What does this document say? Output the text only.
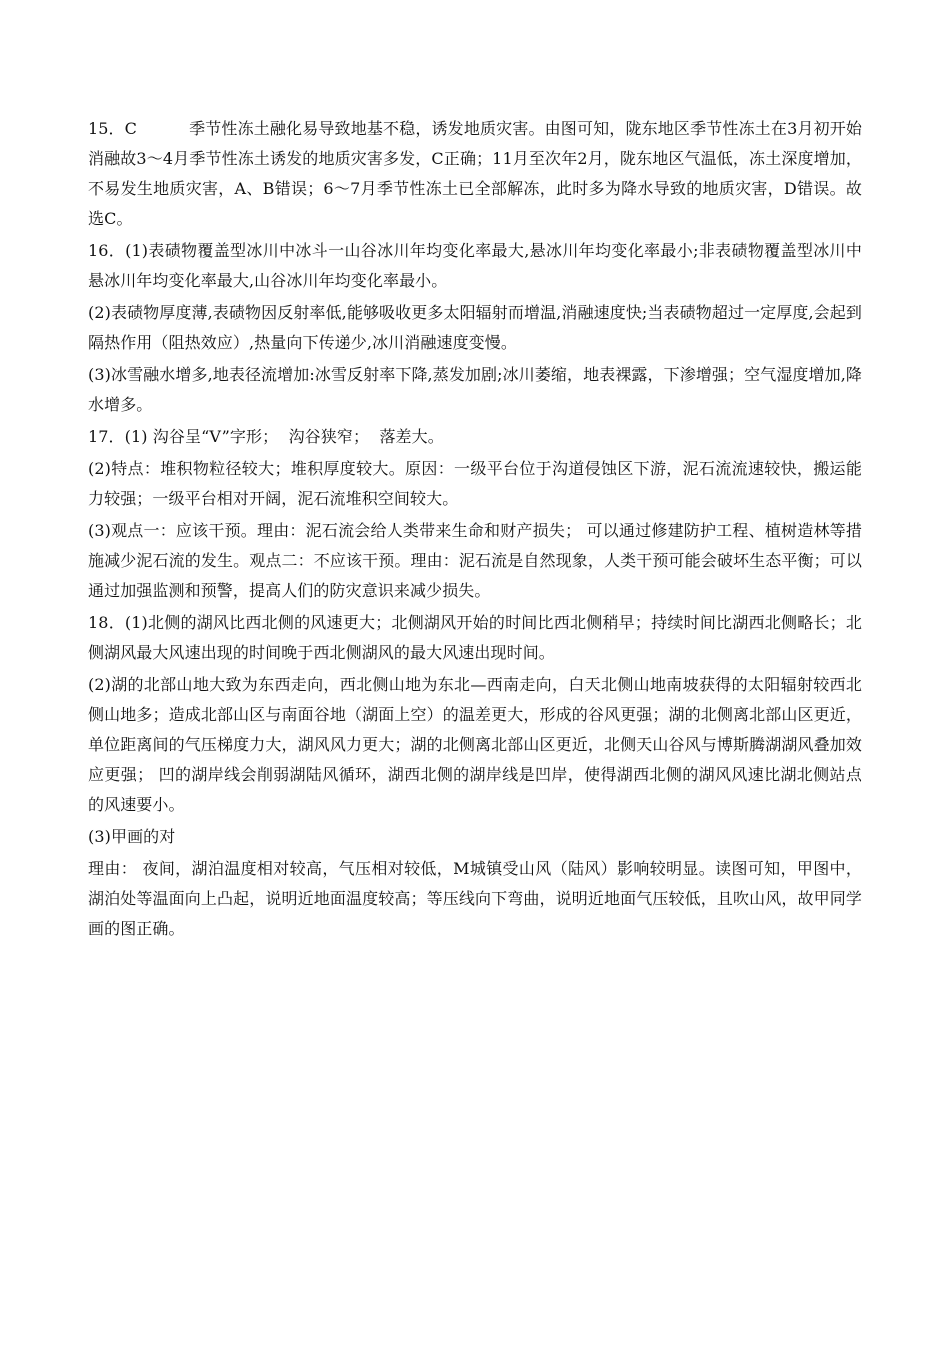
15．C	季节性冻土融化易导致地基不稳，诱发地质灾害。由图可知，陇东地区季节性冻土在3月初开始消融故3～4月季节性冻土诱发的地质灾害多发，C正确；11月至次年2月，陇东地区气温低，冻土深度增加，不易发生地质灾害，A、B错误；6～7月季节性冻土已全部解冻，此时多为降水导致的地质灾害，D错误。故选C。

16．(1)表碛物覆盖型冰川中冰斗一山谷冰川年均变化率最大,悬冰川年均变化率最小;非表碛物覆盖型冰川中悬冰川年均变化率最大,山谷冰川年均变化率最小。

(2)表碛物厚度薄,表碛物因反射率低,能够吸收更多太阳辐射而增温,消融速度快;当表碛物超过一定厚度,会起到隔热作用（阻热效应）,热量向下传递少,冰川消融速度变慢。

(3)冰雪融水增多,地表径流增加:冰雪反射率下降,蒸发加剧;冰川萎缩，地表裸露，下渗增强；空气湿度增加,降水增多。

17．(1) 沟谷呈“V”字形；  沟谷狭窄；  落差大。

(2)特点：堆积物粒径较大；堆积厚度较大。原因：一级平台位于沟道侵蚀区下游，泥石流流速较快，搬运能力较强；一级平台相对开阔，泥石流堆积空间较大。

(3)观点一：应该干预。理由：泥石流会给人类带来生命和财产损失； 可以通过修建防护工程、植树造林等措施减少泥石流的发生。观点二：不应该干预。理由：泥石流是自然现象，人类干预可能会破坏生态平衡；可以通过加强监测和预警，提高人们的防灾意识来减少损失。

18．(1)北侧的湖风比西北侧的风速更大；北侧湖风开始的时间比西北侧稍早；持续时间比湖西北侧略长；北侧湖风最大风速出现的时间晚于西北侧湖风的最大风速出现时间。

(2)湖的北部山地大致为东西走向，西北侧山地为东北—西南走向，白天北侧山地南坡获得的太阳辐射较西北侧山地多；造成北部山区与南面谷地（湖面上空）的温差更大，形成的谷风更强；湖的北侧离北部山区更近， 单位距离间的气压梯度力大，湖风风力更大；湖的北侧离北部山区更近，北侧天山谷风与博斯腾湖湖风叠加效应更强； 凹的湖岸线会削弱湖陆风循环，湖西北侧的湖岸线是凹岸，使得湖西北侧的湖风风速比湖北侧站点的风速要小。

(3)甲画的对

理由： 夜间，湖泊温度相对较高，气压相对较低，M城镇受山风（陆风）影响较明显。读图可知，甲图中，湖泊处等温面向上凸起，说明近地面温度较高；等压线向下弯曲，说明近地面气压较低，且吹山风，故甲同学画的图正确。
